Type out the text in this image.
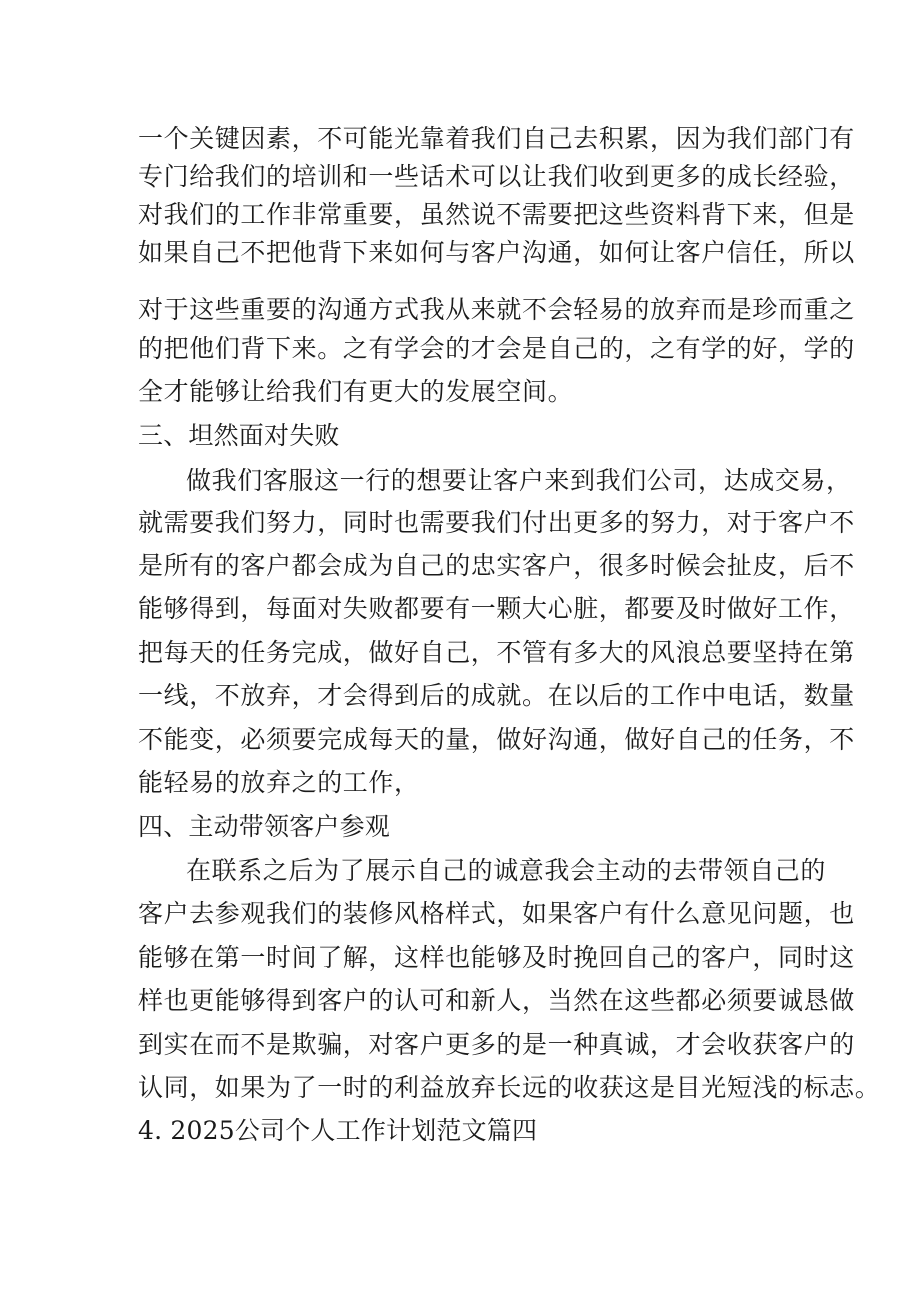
一个关键因素，不可能光靠着我们自己去积累，因为我们部门有
专门给我们的培训和一些话术可以让我们收到更多的成长经验，
对我们的工作非常重要，虽然说不需要把这些资料背下来，但是
如果自己不把他背下来如何与客户沟通，如何让客户信任，所以
对于这些重要的沟通方式我从来就不会轻易的放弃而是珍而重之
的把他们背下来。之有学会的才会是自己的，之有学的好，学的
全才能够让给我们有更大的发展空间。
三、坦然面对失败
做我们客服这一行的想要让客户来到我们公司，达成交易，
就需要我们努力，同时也需要我们付出更多的努力，对于客户不
是所有的客户都会成为自己的忠实客户，很多时候会扯皮，后不
能够得到，每面对失败都要有一颗大心脏，都要及时做好工作，
把每天的任务完成，做好自己，不管有多大的风浪总要坚持在第
一线，不放弃，才会得到后的成就。在以后的工作中电话，数量
不能变，必须要完成每天的量，做好沟通，做好自己的任务，不
能轻易的放弃之的工作，
四、主动带领客户参观
在联系之后为了展示自己的诚意我会主动的去带领自己的
客户去参观我们的装修风格样式，如果客户有什么意见问题，也
能够在第一时间了解，这样也能够及时挽回自己的客户，同时这
样也更能够得到客户的认可和新人，当然在这些都必须要诚恳做
到实在而不是欺骗，对客户更多的是一种真诚，才会收获客户的
认同，如果为了一时的利益放弃长远的收获这是目光短浅的标志。
4. 2025公司个人工作计划范文篇四
